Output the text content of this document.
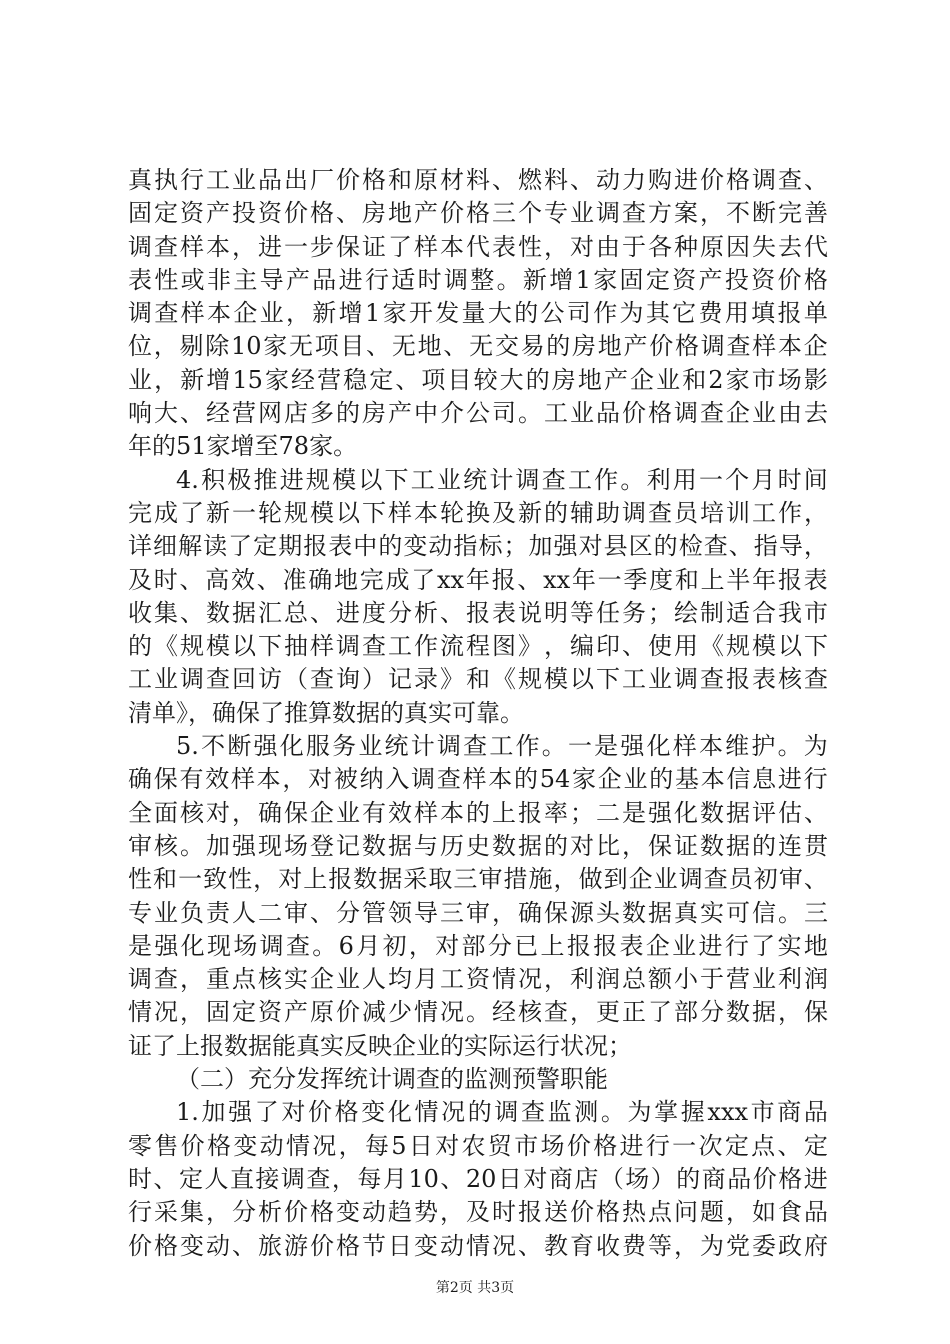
真 执 行 工 业 品 出 厂 价 格 和 原 材 料 、 燃 料 、 动 力 购 进 价 格 调 查 、
固 定 资 产 投 资 价 格 、 房 地 产 价 格 三 个 专 业 调 查 方 案 ， 不 断 完 善
调 查 样 本 ， 进 一 步 保 证 了 样 本 代 表 性 ， 对 由 于 各 种 原 因 失 去 代
表 性 或 非 主 导 产 品 进 行 适 时 调 整 。 新 增 1 家 固 定 资 产 投 资 价 格
调 查 样 本 企 业 ， 新 增 1 家 开 发 量 大 的 公 司 作 为 其 它 费 用 填 报 单
位 ， 剔 除 10 家 无 项 目 、 无 地 、 无 交 易 的 房 地 产 价 格 调 查 样 本 企
业 ， 新 增 15 家 经 营 稳 定 、 项 目 较 大 的 房 地 产 企 业 和 2 家 市 场 影
响 大 、 经 营 网 店 多 的 房 产 中 介 公 司 。 工 业 品 价 格 调 查 企 业 由 去
年的51家增至78家。
4. 积 极 推 进 规 模 以 下 工 业 统 计 调 查 工 作 。 利 用 一 个 月 时 间
完 成 了 新 一 轮 规 模 以 下 样 本 轮 换 及 新 的 辅 助 调 查 员 培 训 工 作 ，
详 细 解 读 了 定 期 报 表 中 的 变 动 指 标 ； 加 强 对 县 区 的 检 查 、 指 导 ，
及 时 、 高 效 、 准 确 地 完 成 了 xx 年 报 、 xx 年 一 季 度 和 上 半 年 报 表
收 集 、 数 据 汇 总 、 进 度 分 析 、 报 表 说 明 等 任 务 ； 绘 制 适 合 我 市
的 《 规 模 以 下 抽 样 调 查 工 作 流 程 图 》 ， 编 印 、 使 用 《 规 模 以 下
工 业 调 查 回 访 （ 查 询 ） 记 录 》 和 《 规 模 以 下 工 业 调 查 报 表 核 查
清单》，确保了推算数据的真实可靠。
5. 不 断 强 化 服 务 业 统 计 调 查 工 作 。 一 是 强 化 样 本 维 护 。 为
确 保 有 效 样 本 ， 对 被 纳 入 调 查 样 本 的 54 家 企 业 的 基 本 信 息 进 行
全 面 核 对 ， 确 保 企 业 有 效 样 本 的 上 报 率 ； 二 是 强 化 数 据 评 估 、
审 核 。 加 强 现 场 登 记 数 据 与 历 史 数 据 的 对 比 ， 保 证 数 据 的 连 贯
性 和 一 致 性 ， 对 上 报 数 据 采 取 三 审 措 施 ， 做 到 企 业 调 查 员 初 审 、
专 业 负 责 人 二 审 、 分 管 领 导 三 审 ， 确 保 源 头 数 据 真 实 可 信 。 三
是 强 化 现 场 调 查 。 6 月 初 ， 对 部 分 已 上 报 报 表 企 业 进 行 了 实 地
调 查 ， 重 点 核 实 企 业 人 均 月 工 资 情 况 ， 利 润 总 额 小 于 营 业 利 润
情 况 ， 固 定 资 产 原 价 减 少 情 况 。 经 核 查 ， 更 正 了 部 分 数 据 ， 保
证了上报数据能真实反映企业的实际运行状况；
（二）充分发挥统计调查的监测预警职能
1. 加 强 了 对 价 格 变 化 情 况 的 调 查 监 测 。 为 掌 握 xxx 市 商 品
零 售 价 格 变 动 情 况 ， 每 5 日 对 农 贸 市 场 价 格 进 行 一 次 定 点 、 定
时 、 定 人 直 接 调 查 ， 每 月 10 、 20 日 对 商 店 （ 场 ） 的 商 品 价 格 进
行 采 集 ， 分 析 价 格 变 动 趋 势 ， 及 时 报 送 价 格 热 点 问 题 ， 如 食 品
价 格 变 动 、 旅 游 价 格 节 日 变 动 情 况 、 教 育 收 费 等 ， 为 党 委 政 府
第2页 共3页
